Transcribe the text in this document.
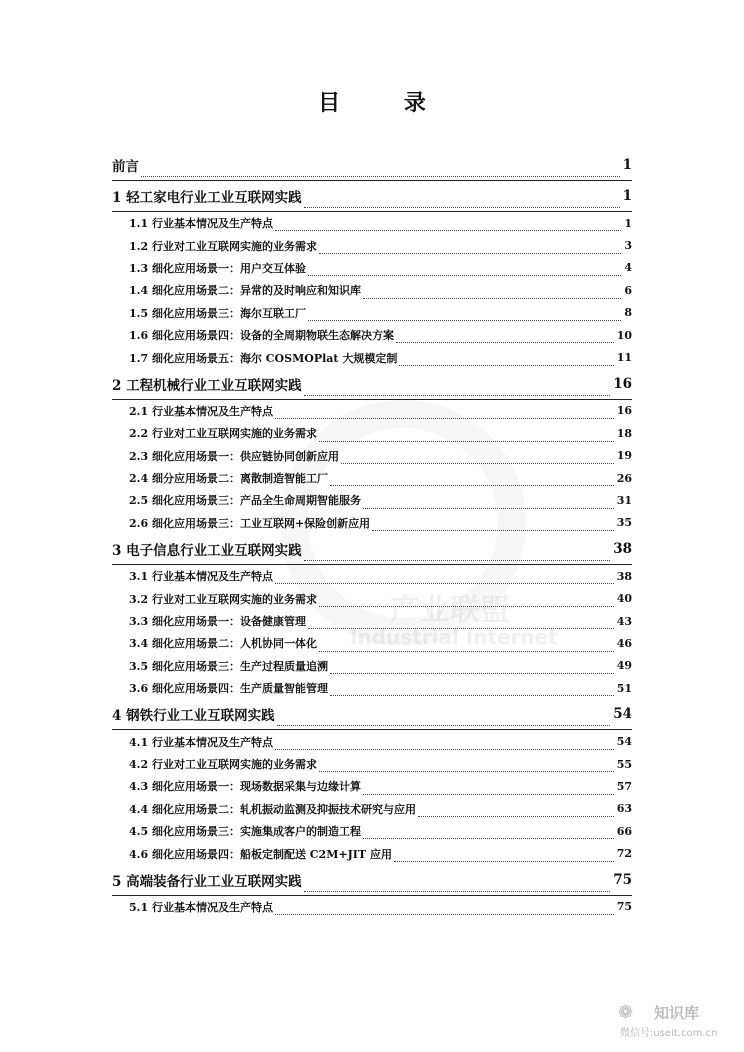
目 录
产业联盟
Industrial Internet
前言	1
1 轻工家电行业工业互联网实践	1
1.1 行业基本情况及生产特点	1
1.2 行业对工业互联网实施的业务需求	3
1.3 细化应用场景一：用户交互体验	4
1.4 细化应用场景二：异常的及时响应和知识库	6
1.5 细化应用场景三：海尔互联工厂	8
1.6 细化应用场景四：设备的全周期物联生态解决方案	10
1.7 细化应用场景五：海尔 COSMOPlat 大规模定制	11
2 工程机械行业工业互联网实践	16
2.1 行业基本情况及生产特点	16
2.2 行业对工业互联网实施的业务需求	18
2.3 细化应用场景一：供应链协同创新应用	19
2.4 细分应用场景二：离散制造智能工厂	26
2.5 细化应用场景三：产品全生命周期智能服务	31
2.6 细化应用场景三：工业互联网+保险创新应用	35
3 电子信息行业工业互联网实践	38
3.1 行业基本情况及生产特点	38
3.2 行业对工业互联网实施的业务需求	40
3.3 细化应用场景一：设备健康管理	43
3.4 细化应用场景二：人机协同一体化	46
3.5 细化应用场景三：生产过程质量追溯	49
3.6 细化应用场景四：生产质量智能管理	51
4 钢铁行业工业互联网实践	54
4.1 行业基本情况及生产特点	54
4.2 行业对工业互联网实施的业务需求	55
4.3 细化应用场景一：现场数据采集与边缘计算	57
4.4 细化应用场景二：轧机振动监测及抑振技术研究与应用	63
4.5 细化应用场景三：实施集成客户的制造工程	66
4.6 细化应用场景四：船板定制配送 C2M+JIT 应用	72
5 高端装备行业工业互联网实践	75
5.1 行业基本情况及生产特点	75
❁ 知识库
微信号:useit.com.cn
